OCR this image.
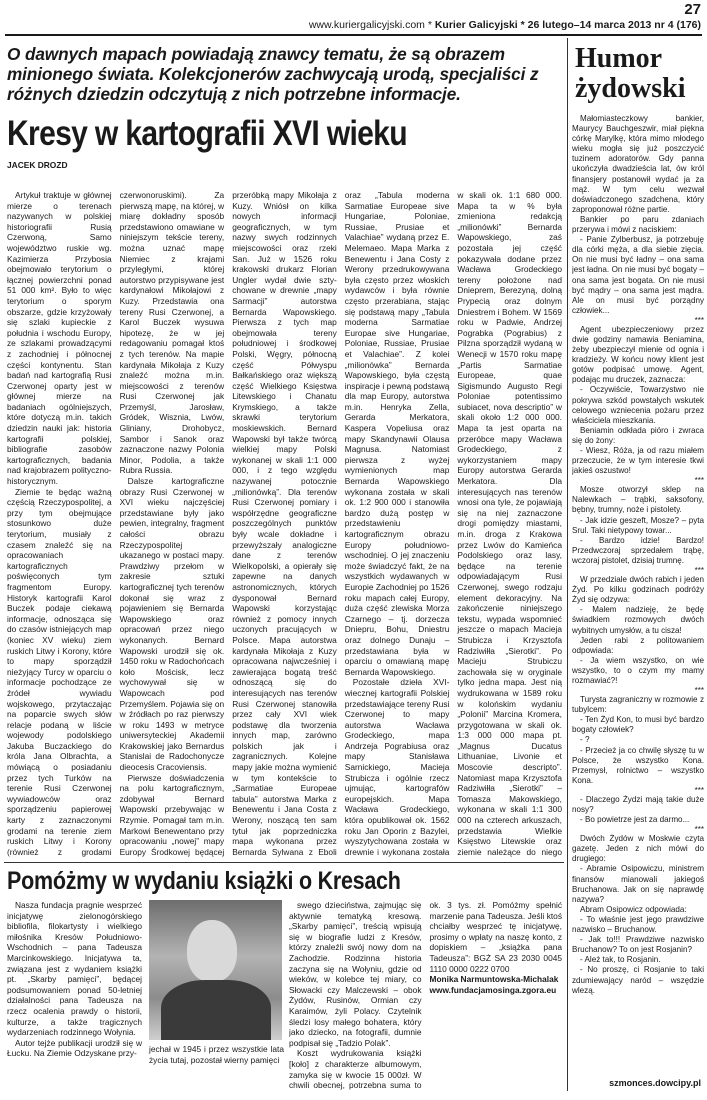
27
www.kuriergalicyjski.com * Kurier Galicyjski * 26 lutego–14 marca 2013 nr 4 (176)
O dawnych mapach powiadają znawcy tematu, że są obrazem minionego świata. Kolekcjonerów zachwycają urodą, specjaliści z różnych dziedzin odczytują z nich potrzebne informacje.
Kresy w kartografii XVI wieku
JACEK DROZD

Artykuł traktuje w głównej mierze o terenach nazywanych w polskiej historiografii Rusią Czerwoną, Samo województwo ruskie wg. Kazimierza Przybosia obejmowało terytorium o łącznej powierzchni ponad 51 000 km². Było to więc terytorium o sporym obszarze, gdzie krzyżowały się szlaki kupieckie z południa i wschodu Europy, ze szlakami prowadzącymi z zachodniej i północnej części kontynentu. Stan badań nad kartografią Rusi Czerwonej oparty jest w głównej mierze na badaniach ogólniejszych, które dotyczą m.in. takich dziedzin nauki jak: historia kartografii polskiej, bibliografie zasobów kartograficznych, badania nad krajobrazem polityczno-historycznym.

Ziemie te będąc ważną częścią Rzeczypospolitej, a przy tym obejmujące stosunkowo duże terytorium, musiały z czasem znaleźć się na opracowaniach kartograficznych poświęconych tym fragmentom Europy. Historyk kartografii Karol Buczek podaje ciekawą informacje, odnosząca się do czasów istniejących map (koniec XV wieku) ziem ruskich Litwy i Korony, które to mapy sporządził nieżyjący Turcy w oparciu o informacje pochodzące ze źródeł wywiadu wojskowego, przytaczając na poparcie swych słów relacje podaną w liście wojewody podolskiego Jakuba Buczackiego do króla Jana Olbrachta, a mówiącą o posiadaniu przez tych Turków na terenie Rusi Czerwonej wywiadowców oraz sporządzeniu papierowej karty z zaznaczonymi grodami na terenie ziem ruskich Litwy i Korony (również z grodami czerwonoruskimi). Za pierwszą mapę, na której, w miarę dokładny sposób przedstawiono omawiane w niniejszym tekście tereny, można uznać mapę Niemiec z krajami przyległymi, której autorstwo przypisywane jest kardynałowi Mikołajowi z Kuzy. Przedstawia ona tereny Rusi Czerwonej, a Karol Buczek wysuwa hipotezę, że w jej redagowaniu pomagał ktoś z tych terenów. Na mapie kardynała Mikołaja z Kuzy znaleźć można m.in. miejscowości z terenów Rusi Czerwonej jak Przemyśl, Jarosław, Gródek, Wisznia, Lwów, Gliniany, Drohobycz, Sambor i Sanok oraz zaznaczone nazwy Polonia Minor, Podolia, a także Rubra Russia.

Dalsze kartograficzne obrazy Rusi Czerwonej w XVI wieku najczęściej przedstawiane były jako pewien, integralny, fragment całości obrazu Rzeczypospolitej ukazanego w postaci mapy. Prawdziwy przełom w zakresie sztuki kartograficznej tych terenów dokonał się wraz z pojawieniem się Bernarda Wapowskiego oraz opracowań przez niego wykonanych. Bernard Wapowski urodził się ok. 1450 roku w Radochońcach koło Mościsk, lecz wychowywał się w Wapowcach pod Przemyślem. Pojawia się on w źródłach po raz pierwszy w roku 1493 w metryce uniwersyteckiej Akademii Krakowskiej jako Bernardus Stanislai de Radochonycze dieocesis Cracoviensis.

Pierwsze doświadczenia na polu kartograficznym, zdobywał Bernard Wapowski przebywając w Rzymie. Pomagał tam m.in. Markowi Benewentano przy opracowaniu „nowej” mapy Europy Środkowej będącej przeróbką mapy Mikołaja z Kuzy. Wniósł on kilka nowych informacji geograficznych, w tym nazwy swych rodzinnych miejscowości oraz rzeki San. Już w 1526 roku krakowski drukarz Florian Ungler wydał dwie szty-chowane w drewnie „mapy Sarmacji” autorstwa Bernarda Wapowskiego. Pierwsza z tych map obejmowała tereny południowej i środkowej Polski, Węgry, północną część Półwyspu Bałkańskiego oraz większą część Wielkiego Księstwa Litewskiego i Chanatu Krymskiego, a także skrawki terytorium moskiewskich. Bernard Wapowski był także twórcą wielkiej mapy Polski wykonanej w skali 1:1 000 000, i z tego względu nazywanej potocznie „milionówką”. Dla terenów Rusi Czerwonej pomiary i współrzędne geograficzne poszczególnych punktów były wcale dokładne i przewyższały analogiczne dane z terenów Wielkopolski, a opierały się zapewne na danych astronomicznych, których dysponował Bernard Wapowski korzystając również z pomocy innych uczonych pracujących w Polsce. Mapa autorstwa kardynała Mikołaja z Kuzy opracowana najwcześniej i zawierająca bogatą treść odnoszącą się do interesujących nas terenów Rusi Czerwonej stanowiła przez cały XVI wiek podstawę dla tworzenia innych map, zarówno polskich jak i zagranicznych. Kolejne mapy jakie można wymienić w tym kontekście to „Sarmatiae Europeae tabula” autorstwa Marka z Benewentu i Jana Costa z Werony, noszącą ten sam tytuł jak poprzedniczka mapa wykonana przez Bernarda Sylwana z Eboli oraz „Tabula moderna Sarmatiae Europeae sive Hungariae, Poloniae, Russiae, Prusiae et Valachiae” wydaną przez E. Melemaeo. Mapa Marka z Benewentu i Jana Costy z Werony przedrukowywana była często przez włoskich wydawców i była równie często przerabiana, stając się podstawą mapy „Tabula moderna Sarmatiae Europae sive Hungariae, Poloniae, Russiae, Prusiae et Valachiae”. Z kolei „milionówka” Bernarda Wapowskiego, była częstą inspiracje i pewną podstawą dla map Europy, autorstwa m.in. Henryka Zella, Gerarda Merkatora, Kaspera Vopeliusa oraz mapy Skandynawii Olausa Magnusa. Natomiast pierwsza z wyżej wymienionych map Bernarda Wapowskiego wykonana została w skali ok. 1:2 900 000 i stanowiła bardzo dużą postęp w przedstawieniu kartograficznym obrazu Europy południowo-wschodniej. O jej znaczeniu może świadczyć fakt, że na wszystkich wydawanych w Europie Zachodniej po 1526 roku mapach całej Europy, duża część zlewiska Morza Czarnego – tj. dorzecza Dniepru, Bohu, Dniestru oraz dolnego Dunaju – przedstawiana była w oparciu o omawianą mapę Bernarda Wapowskiego.

Pozostałe dzieła XVI-wiecznej kartografii Polskiej przedstawiające tereny Rusi Czerwonej to mapy autorstwa Wacława Grodeckiego, mapa Andrzeja Pograbiusa oraz mapy Stanisława Sarnickiego, Macieja Strubicza i ogólnie rzecz ujmując, kartografów europejskich. Mapa Wacława Grodeckiego, która opublikował ok. 1562 roku Jan Oporin z Bazylei, wyszytychowana została w drewnie i wykonana została w skali ok. 1:1 680 000. Mapa ta w % była zmieniona redakcją „milionówki” Bernarda Wapowskiego, zaś pozostała jej część pokazywała dodane przez Wacława Grodeckiego tereny położone nad Dnieprem, Berezyną, dolną Prypecią oraz dolnym Dniestrem i Bohem. W 1569 roku w Padwie, Andrzej Pograbka (Pograbius) z Pilzna sporządził wydaną w Wenecji w 1570 roku mapę „Partis Sarmatiae Europeae, quae Sigismundo Augusto Regi Poloniae potentissimo subiacet, nova descriptio” w skali około 1:2 000 000. Mapa ta jest oparta na przeróbce mapy Wacława Grodeckiego, z wykorzystaniem mapy Europy autorstwa Gerarda Merkatora. Dla interesujących nas terenów wnosi ona tyle, że pojawiają się na niej zaznaczone drogi pomiędzy miastami, m.in. droga z Krakowa przez Lwów do Kamieńca Podolskiego oraz lasy, będące na terenie odpowiadającym Rusi Czerwonej, swego rodzaju element dekoracyjny. Na zakończenie niniejszego tekstu, wypada wspomnieć jeszcze o mapach Macieja Strubicza i Krzysztofa Radziwiłła „Sierotki”. Po Macieju Strubiczu zachowała się w oryginale tylko jedna mapa. Jest nią wydrukowana w 1589 roku w kolońskim wydaniu „Polonii” Marcina Kromera, przygotowana w skali ok. 1:3 000 000 mapa pt. „Magnus Ducatus Lithuaniae, Livonie et Moscovie descripto”. Natomiast mapa Krzysztofa Radziwiłła „Sierotki” – Tomasza Makowskiego, wykonana w skali 1:1 300 000 na czterech arkuszach, przedstawia Wielkie Księstwo Litewskie oraz ziemie należące do niego

Humor żydowski

Małomiasteczkowy bankier, Maurycy Bauchgeszwir, miał piękna córkę Marylkę, która mimo młodego wieku mogła się już poszczycić tuzinem adoratorów. Gdy panna ukończyła dwadzieścia lat, ów król finansjery postanowił wydać ja za mąż. W tym celu wezwał doświadczonego szadchena, który zaproponował różne partie.

Bankier po paru zdaniach przerywa i mówi z naciskiem:

- Panie Zylberbusz, ja potrzebuję dla córki męża, a dla siebie zięcia. On nie musi być ładny – ona sama jest ładna. On nie musi być bogaty – ona sama jest bogata. On nie musi być mądry – ona sama jest mądra. Ale on musi być porządny człowiek...

***

Agent ubezpieczeniowy przez dwie godziny namawia Beniamina, żeby ubezpieczył mienie od ognia i kradzieży. W końcu nowy klient jest gotów podpisać umowę. Agent, podając mu druczek, zaznacza:

- Oczywiście, Towarzystwo nie pokrywa szkód powstałych wskutek celowego wzniecenia pożaru przez właściciela mieszkania.

Beniamin odkłada pióro i zwraca się do żony:

- Wiesz, Róża, ja od razu miałem przeczucie, że w tym interesie tkwi jakieś oszustwo!

***

Mosze otworzył sklep na Nalewkach – trąbki, saksofony, bębny, trumny, noże i pistolety.

- Jak idzie geszeft, Mosze? – pyta Srul. Taki nietypowy towar...

- Bardzo idzie! Bardzo! Przedwczoraj sprzedałem trąbę, wczoraj pistolet, dzisiaj trumnę.

***

W przedziale dwóch rabich i jeden Żyd. Po kilku godzinach podróży Żyd się odzywa:

- Malem nadzieję, że będę świadkiem rozmowych dwóch wybitnych umysłów, a tu cisza!

Jeden rabi z politowaniem odpowiada:

- Ja wiem wszystko, on wie wszystko, to o czym my mamy rozmawiać?!

***

Turysta zagraniczny w rozmowie z tubylcem:

- Ten Żyd Kon, to musi być bardzo bogaty człowiek?

- ?

- Przecież ja co chwilę słyszę tu w Polsce, że wszystko Kona. Przemysł, rolnictwo – wszystko Kona.

***

- Dlaczego Żydzi mają takie duże nosy?

- Bo powietrze jest za darmo...

***

Dwóch Żydów w Moskwie czyta gazetę. Jeden z nich mówi do drugiego:

- Abramie Osipowiczu, ministrem finansów mianowali jakiegoś Bruchanowa. Jak on się naprawdę nazywa?

Abram Osipowicz odpowiada:

- To właśnie jest jego prawdziwe nazwisko – Bruchanow.

- Jak to!!! Prawdziwe nazwisko Bruchanow? To on jest Rosjanin?

- Ależ tak, to Rosjanin.

- No proszę, ci Rosjanie to taki zdumiewający naród – wszędzie wlezą.

szmonces.dowcipy.pl
Pomóżmy w wydaniu książki o Kresach

Nasza fundacja pragnie wesprzeć inicjatywę zielonogórskiego bibliofila, filokartysty i wielkiego miłośnika Kresów Południowo-Wschodnich – pana Tadeusza Marcinkowskiego. Inicjatywa ta, związana jest z wydaniem książki pt. „Skarby pamięci”, będącej podsumowaniem ponad 50-letniej działalności pana Tadeusza na rzecz ocalenia prawdy o historii, kulturze, a także tragicznych wydarzeniach rodzinnego Wołynia.

Autor tejże publikacji urodził się w Łucku. Na Ziemie Odzyskane przy-	jechał w 1945 i przez wszystkie lata życia tutaj, pozostał wierny pamięci

swego dzieciństwa, zajmując się aktywnie tematyką kresową. „Skarby pamięci”, treścią wpisują się w biografie ludzi z Kresów, którzy znaleźli swój nowy dom na Zachodzie. Rodzinna historia zaczyna się na Wołyniu, gdzie od wieków, w kolebce tej miary, co Słowacki czy Malczewski – obok Żydów, Rusinów, Ormian czy Karaimów, żyli Polacy. Czytelnik śledzi losy małego bohatera, który jako dziecko, na fotografii, dumnie podpisał się „Tadzio Polak”.

Koszt wydrukowania książki [koło] z charakterze albumowym, zamyka się w kwocie 15 000zł. W chwili obecnej, potrzebna suma to ok. 3 tys. zł. Pomóżmy spełnić marzenie pana Tadeusza. Jeśli ktoś chciałby wesprzeć tę inicjatywę, prosimy o wpłaty na naszę konto, z dopiskiem – „książka pana Tadeusza”: BGŻ SA 23 2030 0045 1110 0000 0222 0700

Monika Narmuntowska-Michalak

www.fundacjamosinga.zgora.eu
